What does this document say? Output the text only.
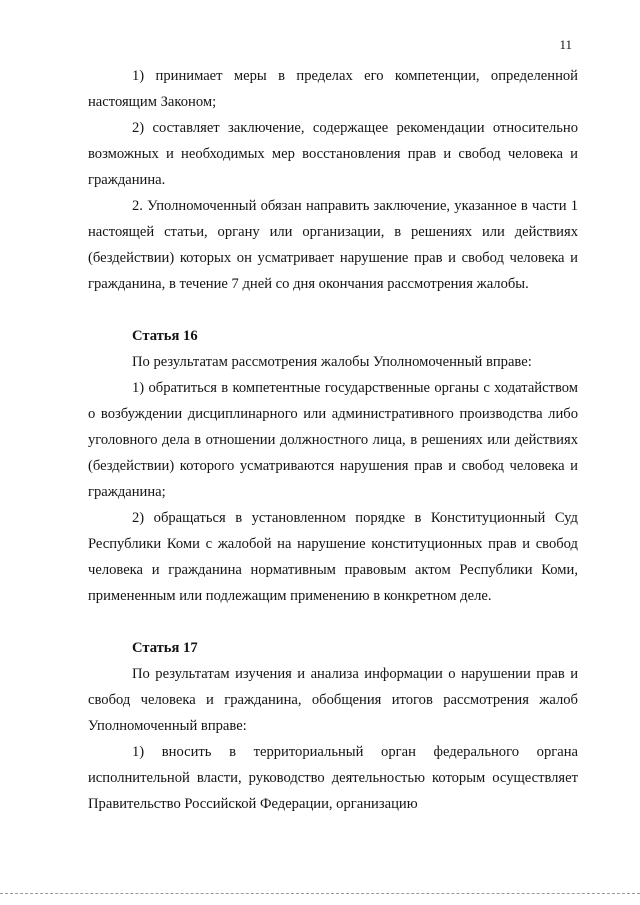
11

1) принимает меры в пределах его компетенции, определенной настоящим Законом;

2) составляет заключение, содержащее рекомендации относительно возможных и необходимых мер восстановления прав и свобод человека и гражданина.

2. Уполномоченный обязан направить заключение, указанное в части 1 настоящей статьи, органу или организации, в решениях или действиях (бездействии) которых он усматривает нарушение прав и свобод человека и гражданина, в течение 7 дней со дня окончания рассмотрения жалобы.

Статья 16

По результатам рассмотрения жалобы Уполномоченный вправе:

1) обратиться в компетентные государственные органы с ходатайством о возбуждении дисциплинарного или административного производства либо уголовного дела в отношении должностного лица, в решениях или действиях (бездействии) которого усматриваются нарушения прав и свобод человека и гражданина;

2) обращаться в установленном порядке в Конституционный Суд Республики Коми с жалобой на нарушение конституционных прав и свобод человека и гражданина нормативным правовым актом Республики Коми, примененным или подлежащим применению в конкретном деле.

Статья 17

По результатам изучения и анализа информации о нарушении прав и свобод человека и гражданина, обобщения итогов рассмотрения жалоб Уполномоченный вправе:

1) вносить в территориальный орган федерального органа исполнительной власти, руководство деятельностью которым осуществляет Правительство Российской Федерации, организацию
